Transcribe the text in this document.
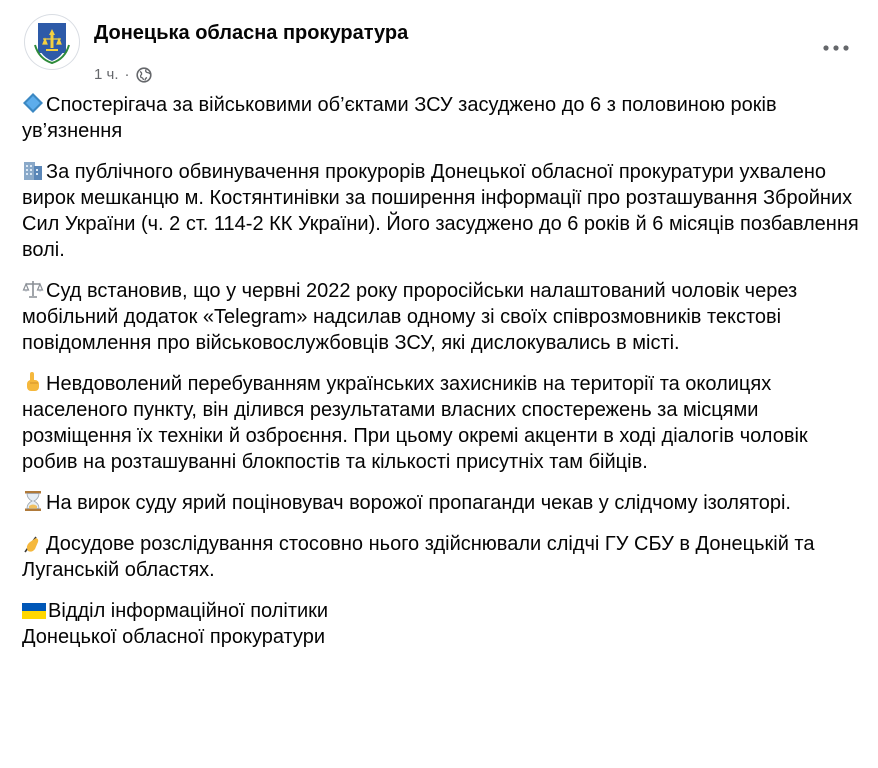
Донецька обласна прокуратура
1 ч. ·

Спостерігача за військовими об’єктами ЗСУ засуджено до 6 з половиною років ув’язнення

За публічного обвинувачення прокурорів Донецької обласної прокуратури ухвалено вирок мешканцю м. Костянтинівки за поширення інформації про розташування Збройних Сил України (ч. 2 ст. 114-2 КК України). Його засуджено до 6 років й 6 місяців позбавлення волі.

Суд встановив, що у червні 2022 року проросійськи налаштований чоловік через мобільний додаток «Telegram» надсилав одному зі своїх співрозмовників текстові повідомлення про військовослужбовців ЗСУ, які дислокувались в місті.

Невдоволений перебуванням українських захисників на території та околицях населеного пункту, він ділився результатами власних спостережень за місцями розміщення їх техніки й озброєння. При цьому окремі акценти в ході діалогів чоловік робив на розташуванні блокпостів та кількості присутніх там бійців.

На вирок суду ярий поціновувач ворожої пропаганди чекав у слідчому ізоляторі.

Досудове розслідування стосовно нього здійснювали слідчі ГУ СБУ в Донецькій та Луганській областях.

Відділ інформаційної політики
Донецької обласної прокуратури
